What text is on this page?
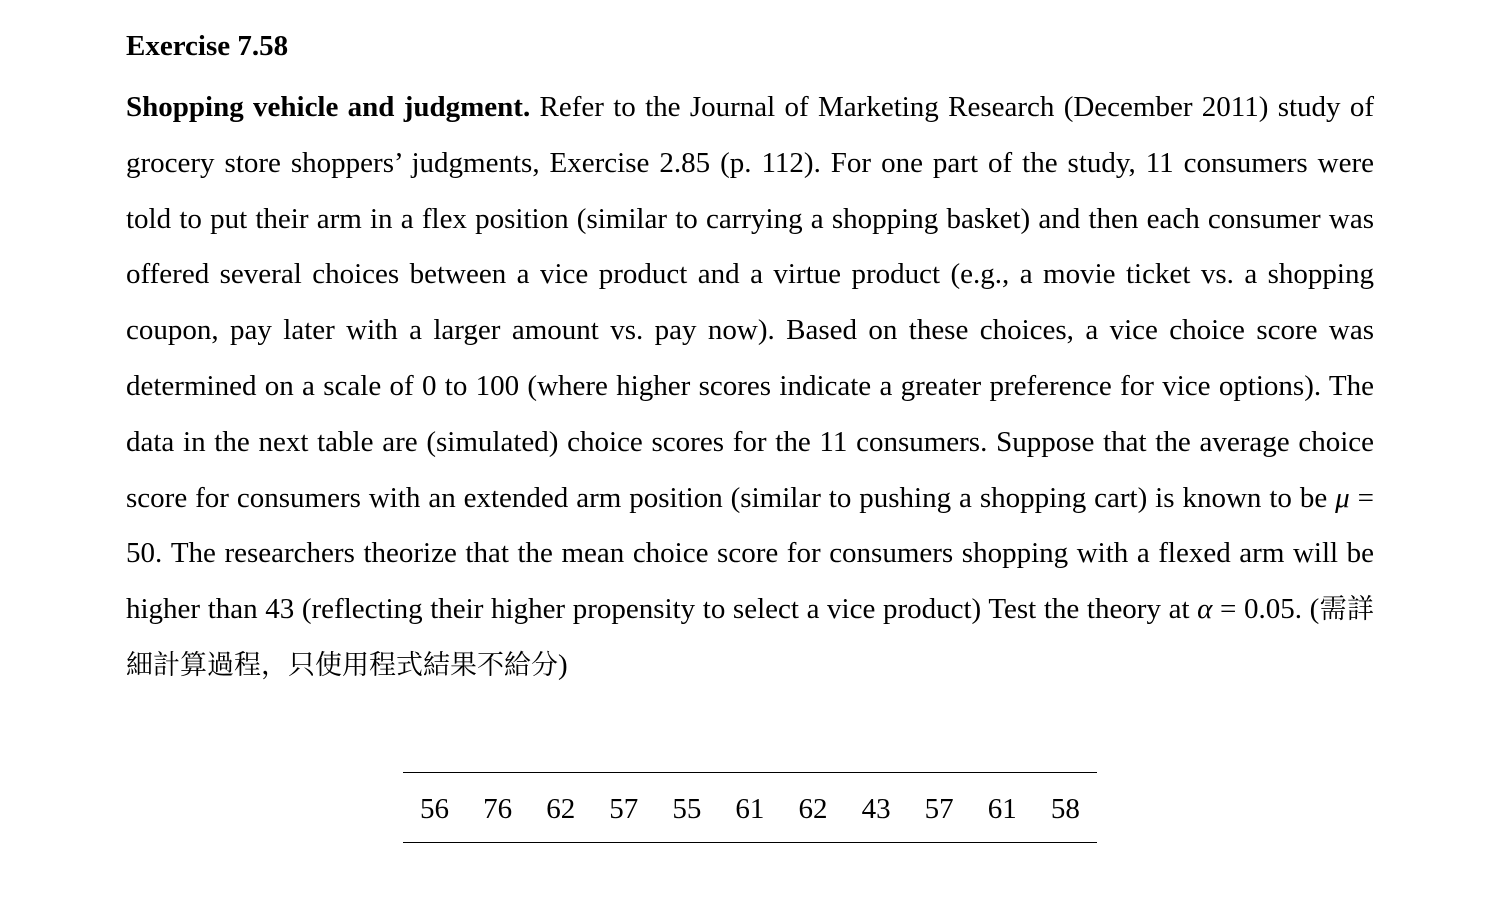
Exercise 7.58

Shopping vehicle and judgment. Refer to the Journal of Marketing Research (December 2011) study of grocery store shoppers’ judgments, Exercise 2.85 (p. 112). For one part of the study, 11 consumers were told to put their arm in a flex position (similar to carrying a shopping basket) and then each consumer was offered several choices between a vice product and a virtue product (e.g., a movie ticket vs. a shopping coupon, pay later with a larger amount vs. pay now). Based on these choices, a vice choice score was determined on a scale of 0 to 100 (where higher scores indicate a greater preference for vice options). The data in the next table are (simulated) choice scores for the 11 consumers. Suppose that the average choice score for consumers with an extended arm position (similar to pushing a shopping cart) is known to be μ = 50. The researchers theorize that the mean choice score for consumers shopping with a flexed arm will be higher than 43 (reflecting their higher propensity to select a vice product) Test the theory at α = 0.05. (需詳細計算過程，只使用程式結果不給分)

56	76	62	57	55	61	62	43	57	61	58
